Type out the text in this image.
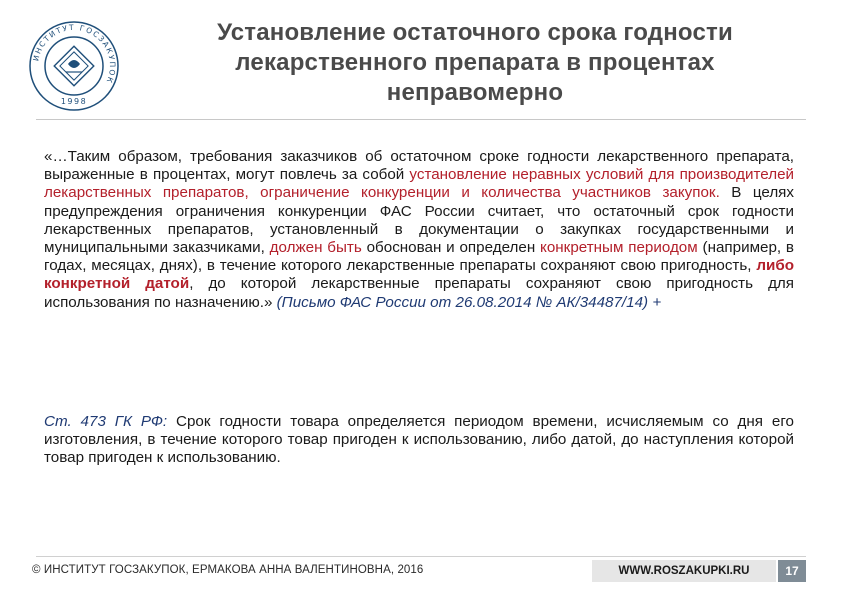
ИНСТИТУТ ГОСЗАКУПОК
1998
Установление остаточного срока годности
лекарственного препарата в процентах
неправомерно
«…Таким образом, требования заказчиков об остаточном сроке годности лекарственного препарата, выраженные в процентах, могут повлечь за собой установление неравных условий для производителей лекарственных препаратов, ограничение конкуренции и количества участников закупок. В целях предупреждения ограничения конкуренции ФАС России считает, что остаточный срок годности лекарственных препаратов, установленный в документации о закупках государственными и муниципальными заказчиками, должен быть обоснован и определен конкретным периодом (например, в годах, месяцах, днях), в течение которого лекарственные препараты сохраняют свою пригодность, либо конкретной датой, до которой лекарственные препараты сохраняют свою пригодность для использования по назначению.» (Письмо ФАС России от 26.08.2014 № АК/34487/14) +
Ст. 473 ГК РФ: Срок годности товара определяется периодом времени, исчисляемым со дня его изготовления, в течение которого товар пригоден к использованию, либо датой, до наступления которой товар пригоден к использованию.
© ИНСТИТУТ ГОСЗАКУПОК, ЕРМАКОВА АННА ВАЛЕНТИНОВНА, 2016	WWW.ROSZAKUPKI.RU	17
